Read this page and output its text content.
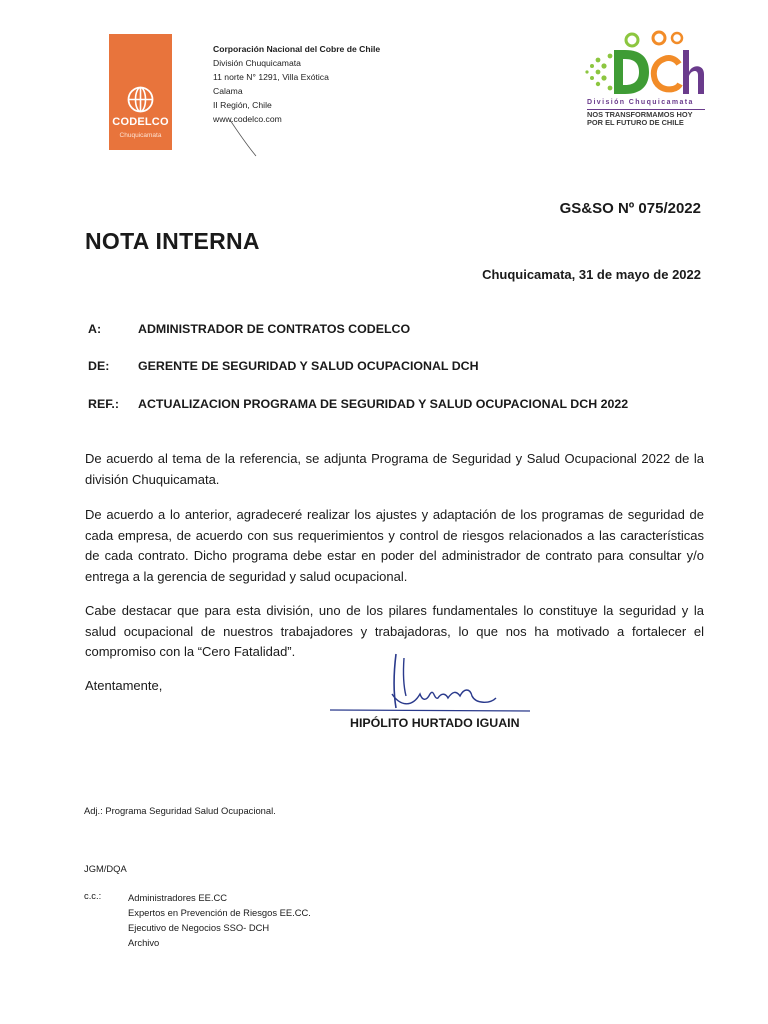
CODELCO
Chuquicamata
Corporación Nacional del Cobre de Chile
División Chuquicamata
11 norte N° 1291, Villa Exótica
Calama
II Región, Chile
www.codelco.com
División Chuquicamata
NOS TRANSFORMAMOS HOY
POR EL FUTURO DE CHILE
GS&SO Nº 075/2022
NOTA INTERNA
Chuquicamata, 31 de mayo de 2022
A:	ADMINISTRADOR DE CONTRATOS CODELCO
DE: GERENTE DE SEGURIDAD Y SALUD OCUPACIONAL DCH
REF.: ACTUALIZACION PROGRAMA DE SEGURIDAD Y SALUD OCUPACIONAL DCH 2022
De acuerdo al tema de la referencia, se adjunta Programa de Seguridad y Salud Ocupacional 2022 de la división Chuquicamata.
De acuerdo a lo anterior, agradeceré realizar los ajustes y adaptación de los programas de seguridad de cada empresa, de acuerdo con sus requerimientos y control de riesgos relacionados a las características de cada contrato. Dicho programa debe estar en poder del administrador de contrato para consultar y/o entrega a la gerencia de seguridad y salud ocupacional.
Cabe destacar que para esta división, uno de los pilares fundamentales lo constituye la seguridad y la salud ocupacional de nuestros trabajadores y trabajadoras, lo que nos ha motivado a fortalecer el compromiso con la “Cero Fatalidad”.
Atentamente,
HIPÓLITO HURTADO IGUAIN
Adj.: Programa Seguridad Salud Ocupacional.
JGM/DQA
c.c.:	Administradores EE.CC
Expertos en Prevención de Riesgos EE.CC.
Ejecutivo de Negocios SSO- DCH
Archivo
